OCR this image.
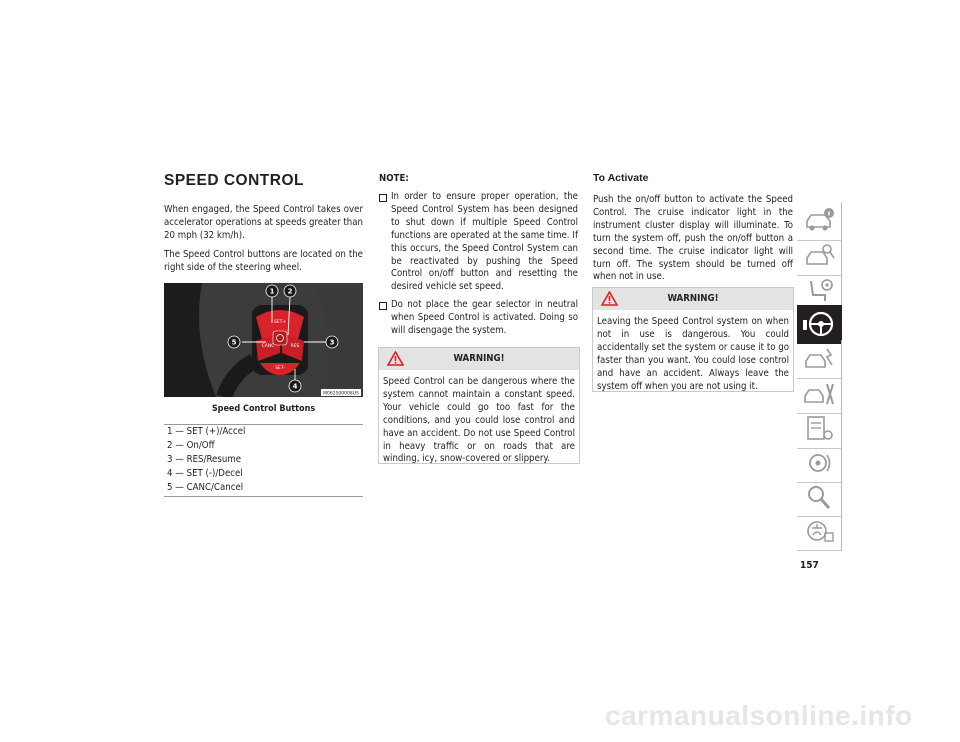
SPEED CONTROL

When engaged, the Speed Control takes over accelerator operations at speeds greater than 20 mph (32 km/h).

The Speed Control buttons are located on the right side of the steering wheel.

SET+
CANC	RES
SET-
1 2
3
4
5
M062500008US
Speed Control Buttons
1 — SET (+)/Accel
2 — On/Off
3 — RES/Resume
4 — SET (-)/Decel
5 — CANC/Cancel
NOTE:
In order to ensure proper operation, the Speed Control System has been designed to shut down if multiple Speed Control functions are operated at the same time. If this occurs, the Speed Control System can be reactivated by pushing the Speed Control on/off button and resetting the desired vehicle set speed.
Do not place the gear selector in neutral when Speed Control is activated. Doing so will disengage the system.
WARNING!
Speed Control can be dangerous where the system cannot maintain a constant speed. Your vehicle could go too fast for the conditions, and you could lose control and have an accident. Do not use Speed Control in heavy traffic or on roads that are winding, icy, snow-covered or slippery.
To Activate

Push the on/off button to activate the Speed Control. The cruise indicator light in the instrument cluster display will illuminate. To turn the system off, push the on/off button a second time. The cruise indicator light will turn off. The system should be turned off when not in use.

WARNING!
Leaving the Speed Control system on when not in use is dangerous. You could accidentally set the system or cause it to go faster than you want. You could lose control and have an accident. Always leave the system off when you are not using it.
157
carmanualsonline.info
